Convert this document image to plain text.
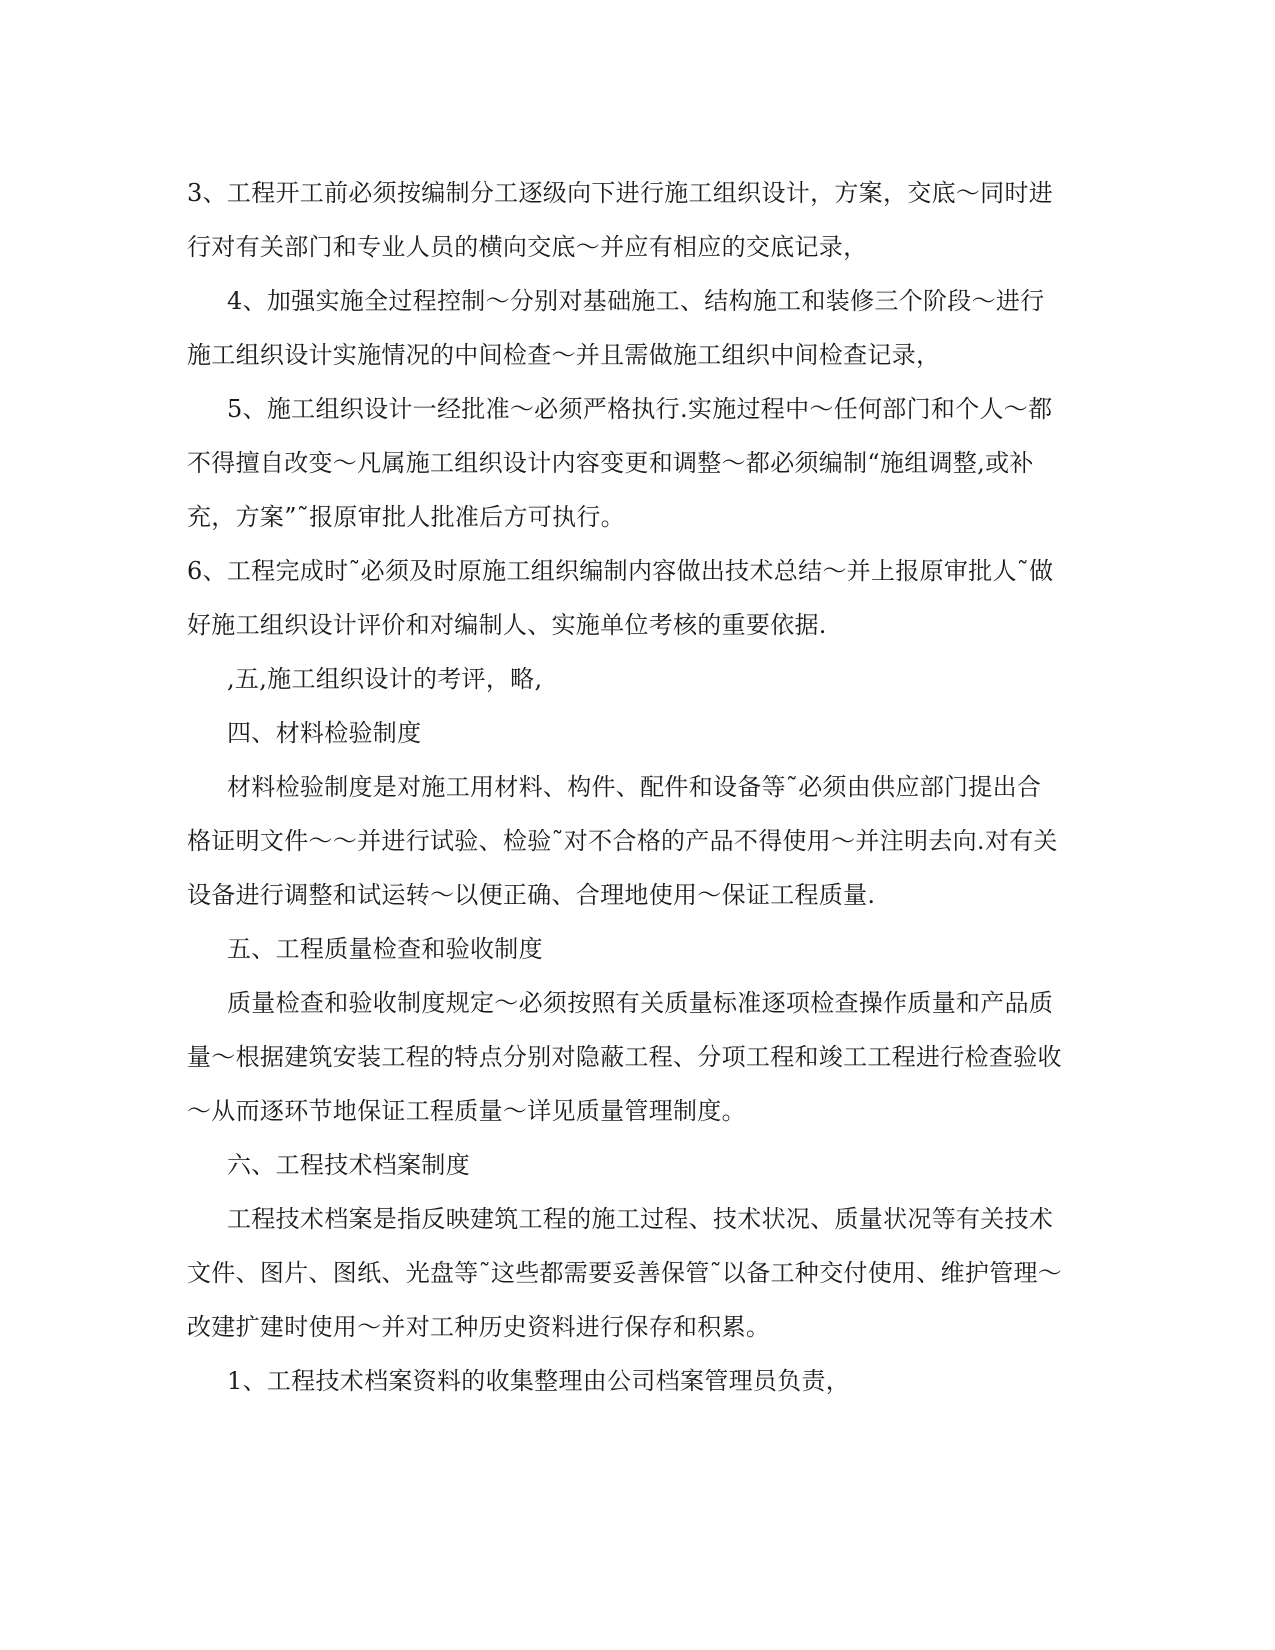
3、工程开工前必须按编制分工逐级向下进行施工组织设计，方案，交底～同时进
行对有关部门和专业人员的横向交底～并应有相应的交底记录，
4、加强实施全过程控制～分别对基础施工、结构施工和装修三个阶段～进行
施工组织设计实施情况的中间检查～并且需做施工组织中间检查记录，
5、施工组织设计一经批准～必须严格执行.实施过程中～任何部门和个人～都
不得擅自改变～凡属施工组织设计内容变更和调整～都必须编制“施组调整,或补
充，方案”˜报原审批人批准后方可执行。
6、工程完成时˜必须及时原施工组织编制内容做出技术总结～并上报原审批人˜做
好施工组织设计评价和对编制人、实施单位考核的重要依据.
,五,施工组织设计的考评，略,
四、材料检验制度
材料检验制度是对施工用材料、构件、配件和设备等˜必须由供应部门提出合
格证明文件～～并进行试验、检验˜对不合格的产品不得使用～并注明去向.对有关
设备进行调整和试运转～以便正确、合理地使用～保证工程质量.
五、工程质量检查和验收制度
质量检查和验收制度规定～必须按照有关质量标准逐项检查操作质量和产品质
量～根据建筑安装工程的特点分别对隐蔽工程、分项工程和竣工工程进行检查验收
～从而逐环节地保证工程质量～详见质量管理制度。
六、工程技术档案制度
工程技术档案是指反映建筑工程的施工过程、技术状况、质量状况等有关技术
文件、图片、图纸、光盘等˜这些都需要妥善保管˜以备工种交付使用、维护管理～
改建扩建时使用～并对工种历史资料进行保存和积累。
1、工程技术档案资料的收集整理由公司档案管理员负责，
